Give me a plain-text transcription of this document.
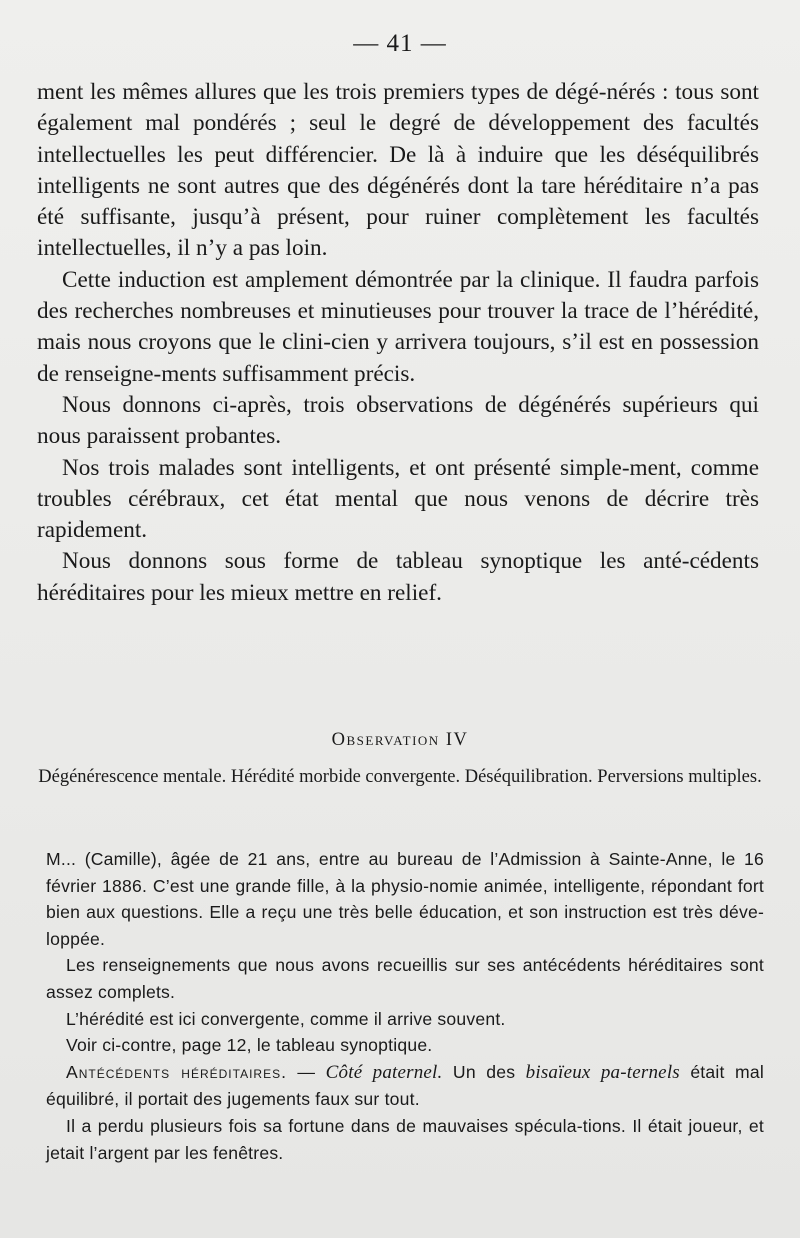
— 41 —

ment les mêmes allures que les trois premiers types de dégé-nérés : tous sont également mal pondérés ; seul le degré de développement des facultés intellectuelles les peut différencier. De là à induire que les déséquilibrés intelligents ne sont autres que des dégénérés dont la tare héréditaire n’a pas été suffisante, jusqu’à présent, pour ruiner complètement les facultés intellectuelles, il n’y a pas loin.

Cette induction est amplement démontrée par la clinique. Il faudra parfois des recherches nombreuses et minutieuses pour trouver la trace de l’hérédité, mais nous croyons que le clini-cien y arrivera toujours, s’il est en possession de renseigne-ments suffisamment précis.

Nous donnons ci-après, trois observations de dégénérés supérieurs qui nous paraissent probantes.

Nos trois malades sont intelligents, et ont présenté simple-ment, comme troubles cérébraux, cet état mental que nous venons de décrire très rapidement.

Nous donnons sous forme de tableau synoptique les anté-cédents héréditaires pour les mieux mettre en relief.

Observation IV
Dégénérescence mentale. Hérédité morbide convergente. Déséquilibration. Perversions multiples.

M... (Camille), âgée de 21 ans, entre au bureau de l’Admission à Sainte-Anne, le 16 février 1886. C’est une grande fille, à la physio-nomie animée, intelligente, répondant fort bien aux questions. Elle a reçu une très belle éducation, et son instruction est très déve-loppée.

Les renseignements que nous avons recueillis sur ses antécédents héréditaires sont assez complets.

L’hérédité est ici convergente, comme il arrive souvent.

Voir ci-contre, page 12, le tableau synoptique.

Antécédents héréditaires. — Côté paternel. Un des bisaïeux pa-ternels était mal équilibré, il portait des jugements faux sur tout.

Il a perdu plusieurs fois sa fortune dans de mauvaises spécula-tions. Il était joueur, et jetait l’argent par les fenêtres.
